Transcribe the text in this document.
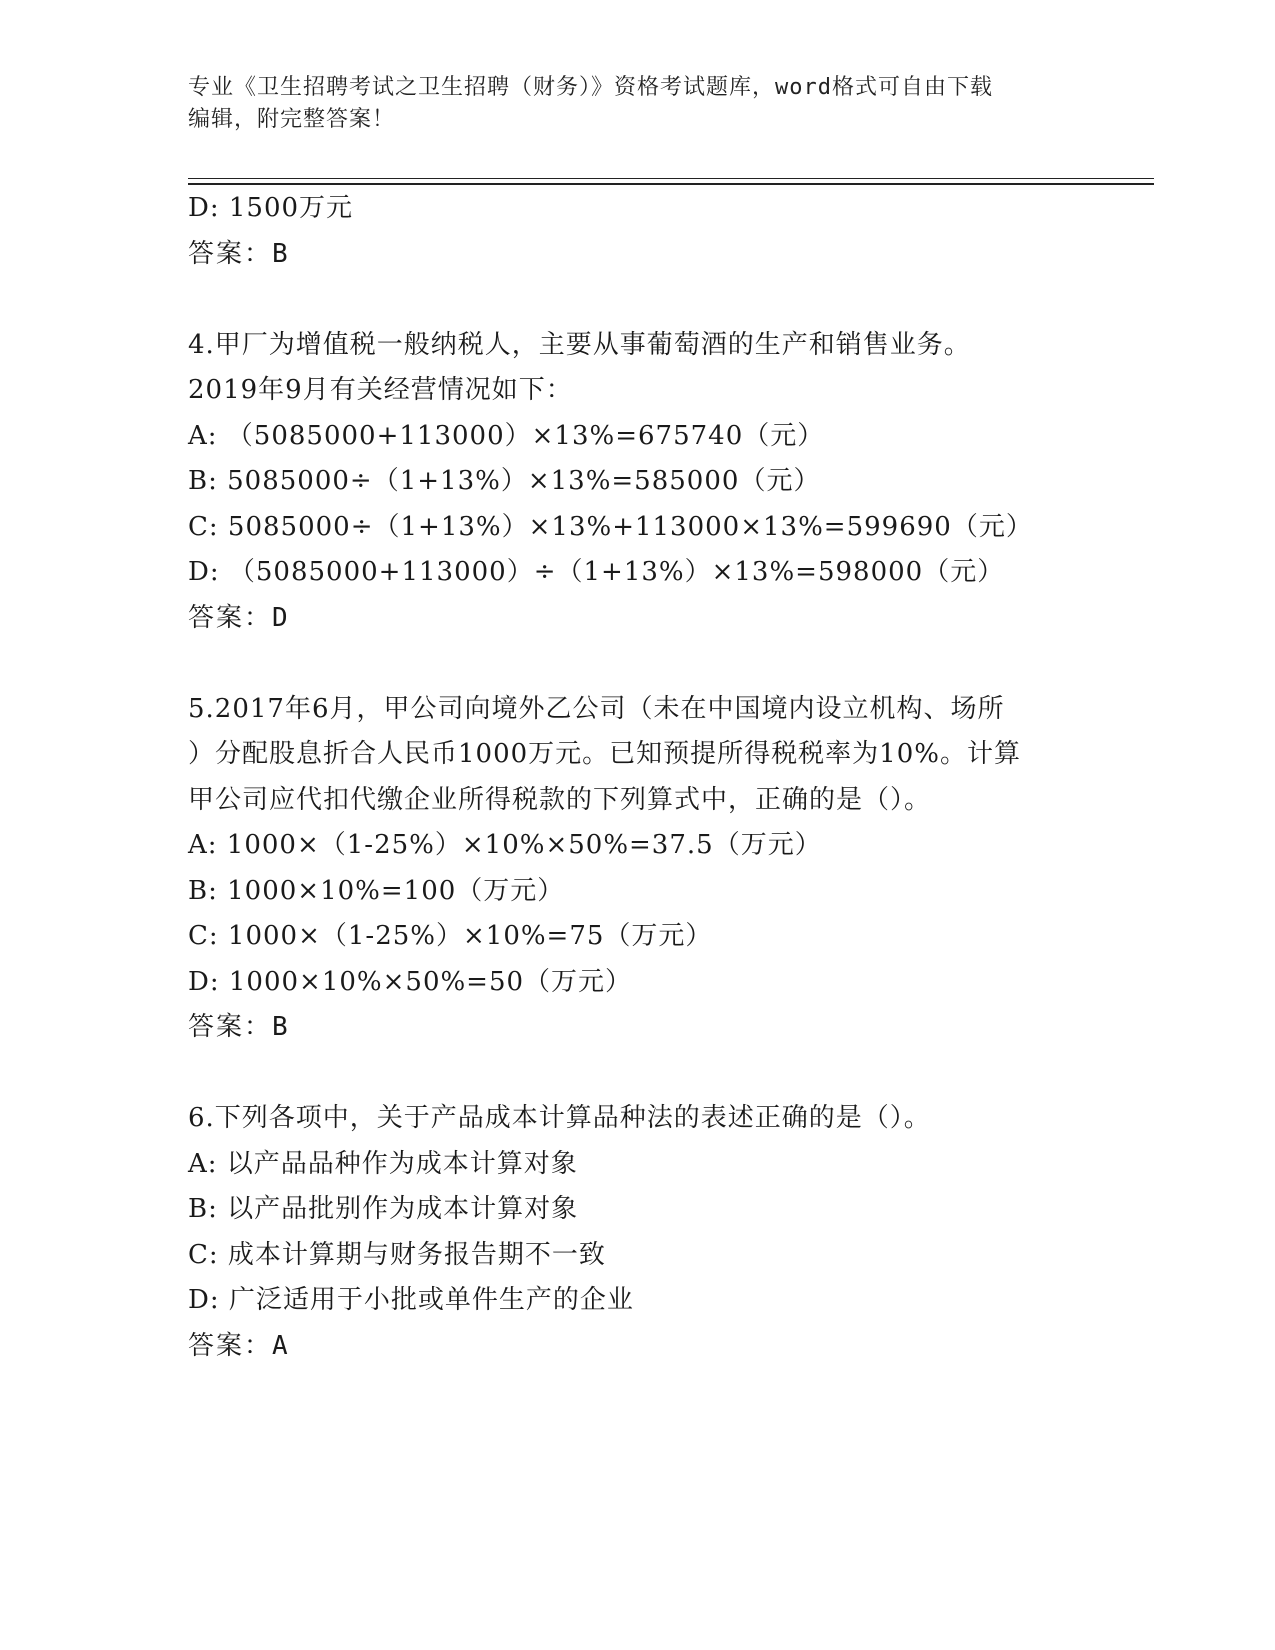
专业《卫生招聘考试之卫生招聘（财务）》资格考试题库，word格式可自由下载
编辑，附完整答案！
D: 1500万元
答案：B
4.甲厂为增值税一般纳税人，主要从事葡萄酒的生产和销售业务。
2019年9月有关经营情况如下：
A: （5085000+113000）×13%=675740（元）
B: 5085000÷（1+13%）×13%=585000（元）
C: 5085000÷（1+13%）×13%+113000×13%=599690（元）
D: （5085000+113000）÷（1+13%）×13%=598000（元）
答案：D
5.2017年6月，甲公司向境外乙公司（未在中国境内设立机构、场所
）分配股息折合人民币1000万元。已知预提所得税税率为10%。计算
甲公司应代扣代缴企业所得税款的下列算式中，正确的是（）。
A: 1000×（1-25%）×10%×50%=37.5（万元）
B: 1000×10%=100（万元）
C: 1000×（1-25%）×10%=75（万元）
D: 1000×10%×50%=50（万元）
答案：B
6.下列各项中，关于产品成本计算品种法的表述正确的是（）。
A: 以产品品种作为成本计算对象
B: 以产品批别作为成本计算对象
C: 成本计算期与财务报告期不一致
D: 广泛适用于小批或单件生产的企业
答案：A
